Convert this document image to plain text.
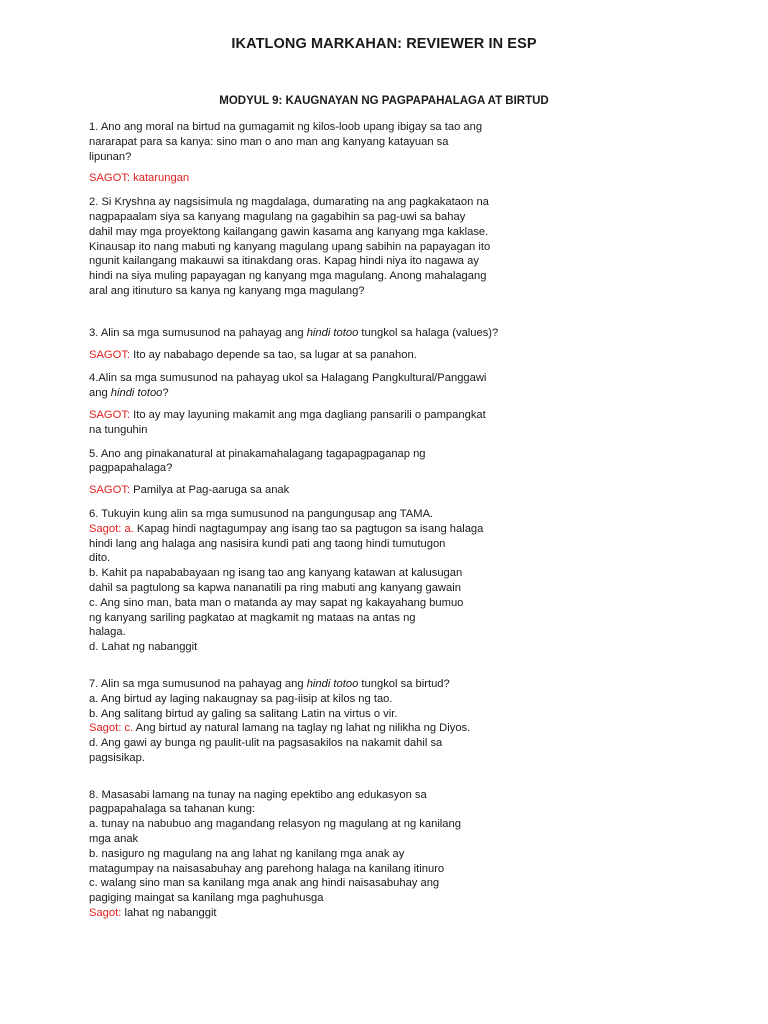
IKATLONG MARKAHAN: REVIEWER IN ESP
MODYUL 9: KAUGNAYAN NG PAGPAPAHALAGA AT BIRTUD
1. Ano ang moral na birtud na gumagamit ng kilos-loob upang ibigay sa tao ang
nararapat para sa kanya: sino man o ano man ang kanyang katayuan sa
lipunan?
SAGOT: katarungan
2. Si Kryshna ay nagsisimula ng magdalaga, dumarating na ang pagkakataon na
nagpapaalam siya sa kanyang magulang na gagabihin sa pag-uwi sa bahay
dahil may mga proyektong kailangang gawin kasama ang kanyang mga kaklase.
Kinausap ito nang mabuti ng kanyang magulang upang sabihin na papayagan ito
ngunit kailangang makauwi sa itinakdang oras. Kapag hindi niya ito nagawa ay
hindi na siya muling papayagan ng kanyang mga magulang. Anong mahalagang
aral ang itinuturo sa kanya ng kanyang mga magulang?
3. Alin sa mga sumusunod na pahayag ang hindi totoo tungkol sa halaga (values)?
SAGOT: Ito ay nababago depende sa tao, sa lugar at sa panahon.
4.Alin sa mga sumusunod na pahayag ukol sa Halagang Pangkultural/Panggawi
ang hindi totoo?
SAGOT: Ito ay may layuning makamit ang mga dagliang pansarili o pampangkat
na tunguhin
5. Ano ang pinakanatural at pinakamahalagang tagapagpaganap ng
pagpapahalaga?
SAGOT: Pamilya at Pag-aaruga sa anak
6. Tukuyin kung alin sa mga sumusunod na pangungusap ang TAMA.
Sagot: a. Kapag hindi nagtagumpay ang isang tao sa pagtugon sa isang halaga
hindi lang ang halaga ang nasisira kundi pati ang taong hindi tumutugon
dito.
b. Kahit pa napababayaan ng isang tao ang kanyang katawan at kalusugan
dahil sa pagtulong sa kapwa nananatili pa ring mabuti ang kanyang gawain
c. Ang sino man, bata man o matanda ay may sapat ng kakayahang bumuo
ng kanyang sariling pagkatao at magkamit ng mataas na antas ng
halaga.
d. Lahat ng nabanggit
7. Alin sa mga sumusunod na pahayag ang hindi totoo tungkol sa birtud?
a. Ang birtud ay laging nakaugnay sa pag-iisip at kilos ng tao.
b. Ang salitang birtud ay galing sa salitang Latin na virtus o vir.
Sagot: c. Ang birtud ay natural lamang na taglay ng lahat ng nilikha ng Diyos.
d. Ang gawi ay bunga ng paulit-ulit na pagsasakilos na nakamit dahil sa
pagsisikap.
8. Masasabi lamang na tunay na naging epektibo ang edukasyon sa
pagpapahalaga sa tahanan kung:
a. tunay na nabubuo ang magandang relasyon ng magulang at ng kanilang
mga anak
b. nasiguro ng magulang na ang lahat ng kanilang mga anak ay
matagumpay na naisasabuhay ang parehong halaga na kanilang itinuro
c. walang sino man sa kanilang mga anak ang hindi naisasabuhay ang
pagiging maingat sa kanilang mga paghuhusga
Sagot: lahat ng nabanggit
